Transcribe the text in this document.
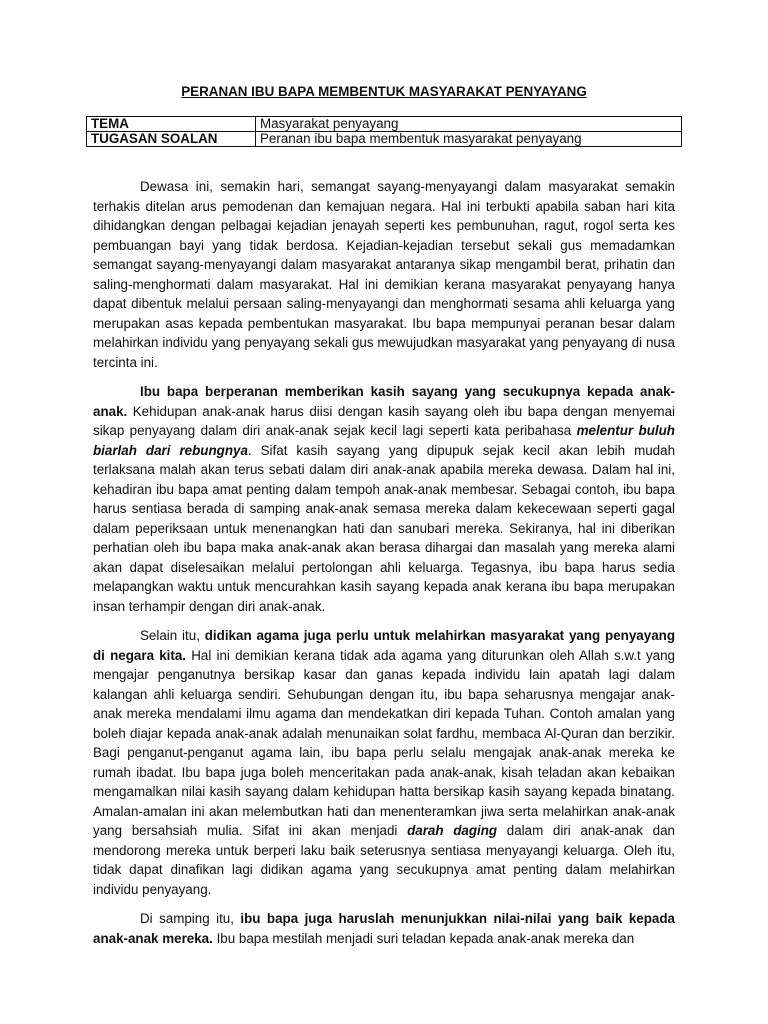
PERANAN IBU BAPA MEMBENTUK MASYARAKAT PENYAYANG
TEMA	Masyarakat penyayang
TUGASAN SOALAN	Peranan ibu bapa membentuk masyarakat penyayang

Dewasa ini, semakin hari, semangat sayang-menyayangi dalam masyarakat semakin terhakis ditelan arus pemodenan dan kemajuan negara. Hal ini terbukti apabila saban hari kita dihidangkan dengan pelbagai kejadian jenayah seperti kes pembunuhan, ragut, rogol serta kes pembuangan bayi yang tidak berdosa. Kejadian-kejadian tersebut sekali gus memadamkan semangat sayang-menyayangi dalam masyarakat antaranya sikap mengambil berat, prihatin dan saling-menghormati dalam masyarakat. Hal ini demikian kerana masyarakat penyayang hanya dapat dibentuk melalui persaan saling-menyayangi dan menghormati sesama ahli keluarga yang merupakan asas kepada pembentukan masyarakat. Ibu bapa mempunyai peranan besar dalam melahirkan individu yang penyayang sekali gus mewujudkan masyarakat yang penyayang di nusa tercinta ini.

Ibu bapa berperanan memberikan kasih sayang yang secukupnya kepada anak-anak. Kehidupan anak-anak harus diisi dengan kasih sayang oleh ibu bapa dengan menyemai sikap penyayang dalam diri anak-anak sejak kecil lagi seperti kata peribahasa melentur buluh biarlah dari rebungnya. Sifat kasih sayang yang dipupuk sejak kecil akan lebih mudah terlaksana malah akan terus sebati dalam diri anak-anak apabila mereka dewasa. Dalam hal ini, kehadiran ibu bapa amat penting dalam tempoh anak-anak membesar. Sebagai contoh, ibu bapa harus sentiasa berada di samping anak-anak semasa mereka dalam kekecewaan seperti gagal dalam peperiksaan untuk menenangkan hati dan sanubari mereka. Sekiranya, hal ini diberikan perhatian oleh ibu bapa maka anak-anak akan berasa dihargai dan masalah yang mereka alami akan dapat diselesaikan melalui pertolongan ahli keluarga. Tegasnya, ibu bapa harus sedia melapangkan waktu untuk mencurahkan kasih sayang kepada anak kerana ibu bapa merupakan insan terhampir dengan diri anak-anak.

Selain itu, didikan agama juga perlu untuk melahirkan masyarakat yang penyayang di negara kita. Hal ini demikian kerana tidak ada agama yang diturunkan oleh Allah s.w.t yang mengajar penganutnya bersikap kasar dan ganas kepada individu lain apatah lagi dalam kalangan ahli keluarga sendiri. Sehubungan dengan itu, ibu bapa seharusnya mengajar anak-anak mereka mendalami ilmu agama dan mendekatkan diri kepada Tuhan. Contoh amalan yang boleh diajar kepada anak-anak adalah menunaikan solat fardhu, membaca Al-Quran dan berzikir. Bagi penganut-penganut agama lain, ibu bapa perlu selalu mengajak anak-anak mereka ke rumah ibadat. Ibu bapa juga boleh menceritakan pada anak-anak, kisah teladan akan kebaikan mengamalkan nilai kasih sayang dalam kehidupan hatta bersikap kasih sayang kepada binatang. Amalan-amalan ini akan melembutkan hati dan menenteramkan jiwa serta melahirkan anak-anak yang bersahsiah mulia. Sifat ini akan menjadi darah daging dalam diri anak-anak dan mendorong mereka untuk berperi laku baik seterusnya sentiasa menyayangi keluarga. Oleh itu, tidak dapat dinafikan lagi didikan agama yang secukupnya amat penting dalam melahirkan individu penyayang.

Di samping itu, ibu bapa juga haruslah menunjukkan nilai-nilai yang baik kepada anak-anak mereka. Ibu bapa mestilah menjadi suri teladan kepada anak-anak mereka dan
